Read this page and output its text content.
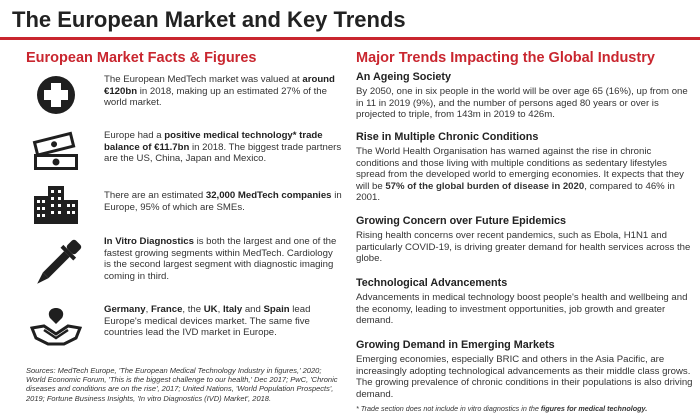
The European Market and Key Trends
European Market Facts & Figures	Major Trends Impacting the Global Industry
The European MedTech market was valued at around €120bn in 2018, making up an estimated 27% of the world market.
Europe had a positive medical technology* trade balance of €11.7bn in 2018. The biggest trade partners are the US, China, Japan and Mexico.
There are an estimated 32,000 MedTech companies in Europe, 95% of which are SMEs.
In Vitro Diagnostics is both the largest and one of the fastest growing segments within MedTech. Cardiology is the second largest segment with diagnostic imaging coming in third.
Germany, France, the UK, Italy and Spain lead Europe's medical devices market. The same five countries lead the IVD market in Europe.
Sources: MedTech Europe, 'The European Medical Technology Industry in figures,' 2020; World Economic Forum, 'This is the biggest challenge to our health,' Dec 2017; PwC, 'Chronic diseases and conditions are on the rise', 2017; United Nations, 'World Population Prospects', 2019; Fortune Business Insights, 'In vitro Diagnostics (IVD) Market', 2018.

An Ageing Society

By 2050, one in six people in the world will be over age 65 (16%), up from one in 11 in 2019 (9%), and the number of persons aged 80 years or over is projected to triple, from 143m in 2019 to 426m.

Rise in Multiple Chronic Conditions

The World Health Organisation has warned against the rise in chronic conditions and those living with multiple conditions as sedentary lifestyles spread from the developed world to emerging economies. It expects that they will be 57% of the global burden of disease in 2020, compared to 46% in 2001.

Growing Concern over Future Epidemics

Rising health concerns over recent pandemics, such as Ebola, H1N1 and particularly COVID-19, is driving greater demand for health services across the globe.

Technological Advancements

Advancements in medical technology boost people's health and wellbeing and the economy, leading to investment opportunities, job growth and greater demand.

Growing Demand in Emerging Markets

Emerging economies, especially BRIC and others in the Asia Pacific, are increasingly adopting technological advancements as their middle class grows. The growing prevalence of chronic conditions in their populations is also driving demand.

* Trade section does not include in vitro diagnostics in the figures for medical technology.
